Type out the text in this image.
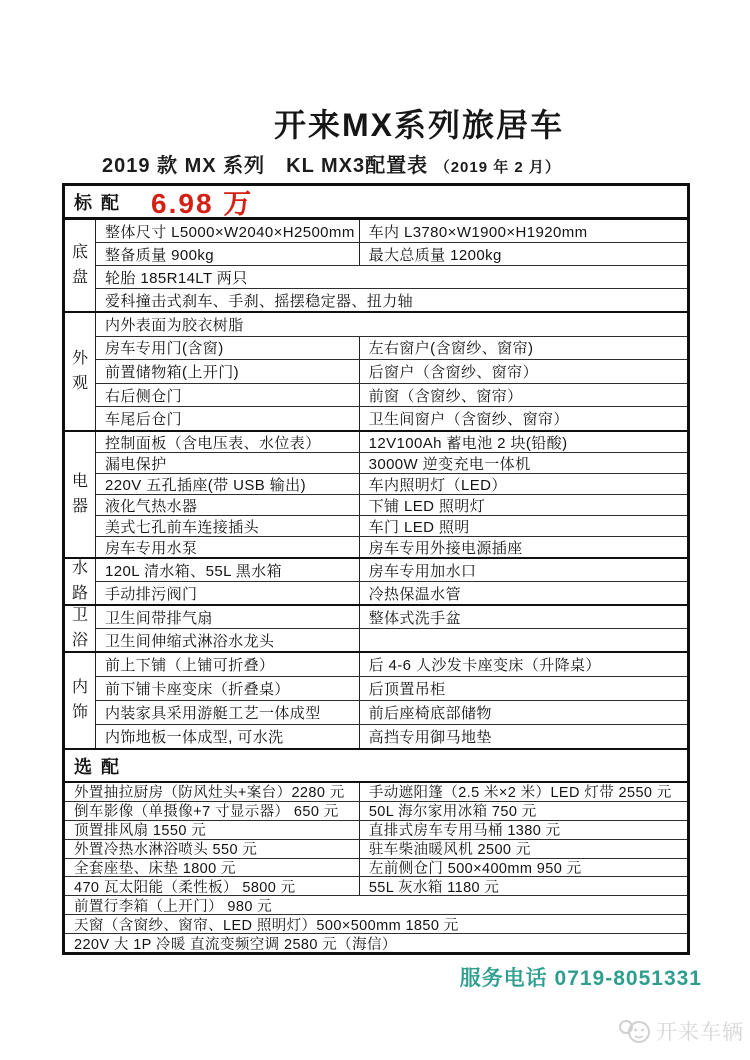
开来MX系列旅居车
2019 款 MX 系列　KL MX3配置表 （2019 年 2 月）
标 配 6.98 万
底盘
整体尺寸 L5000×W2040×H2500mm 车内 L3780×W1900×H1920mm
整备质量 900kg	最大总质量 1200kg
轮胎 185R14LT 两只
爱科撞击式刹车、手刹、摇摆稳定器、扭力轴
外观
内外表面为胶衣树脂
房车专用门(含窗)	左右窗户(含窗纱、窗帘)
前置储物箱(上开门)	后窗户（含窗纱、窗帘）
右后侧仓门	前窗（含窗纱、窗帘）
车尾后仓门	卫生间窗户（含窗纱、窗帘）
电器
控制面板（含电压表、水位表）	12V100Ah 蓄电池 2 块(铅酸)
漏电保护	3000W 逆变充电一体机
220V 五孔插座(带 USB 输出)	车内照明灯（LED）
液化气热水器	下铺 LED 照明灯
美式七孔前车连接插头	车门 LED 照明
房车专用水泵	房车专用外接电源插座
水路
120L 清水箱、55L 黑水箱	房车专用加水口
手动排污阀门	冷热保温水管
卫浴
卫生间带排气扇	整体式洗手盆
卫生间伸缩式淋浴水龙头
内饰
前上下铺（上铺可折叠）	后 4-6 人沙发卡座变床（升降桌）
前下铺卡座变床（折叠桌）	后顶置吊柜
内装家具采用游艇工艺一体成型	前后座椅底部储物
内饰地板一体成型, 可水洗	高挡专用御马地垫
选 配
外置抽拉厨房（防风灶头+案台）2280 元	手动遮阳篷（2.5 米×2 米）LED 灯带 2550 元
倒车影像（单摄像+7 寸显示器） 650 元	50L 海尔家用冰箱 750 元
顶置排风扇 1550 元	直排式房车专用马桶 1380 元
外置冷热水淋浴喷头 550 元	驻车柴油暖风机 2500 元
全套座垫、床垫 1800 元	左前侧仓门 500×400mm 950 元
470 瓦太阳能（柔性板） 5800 元	55L 灰水箱 1180 元
前置行李箱（上开门） 980 元
天窗（含窗纱、窗帘、LED 照明灯）500×500mm 1850 元
220V 大 1P 冷暖 直流变频空调 2580 元（海信）
服务电话 0719-8051331
开来车辆
